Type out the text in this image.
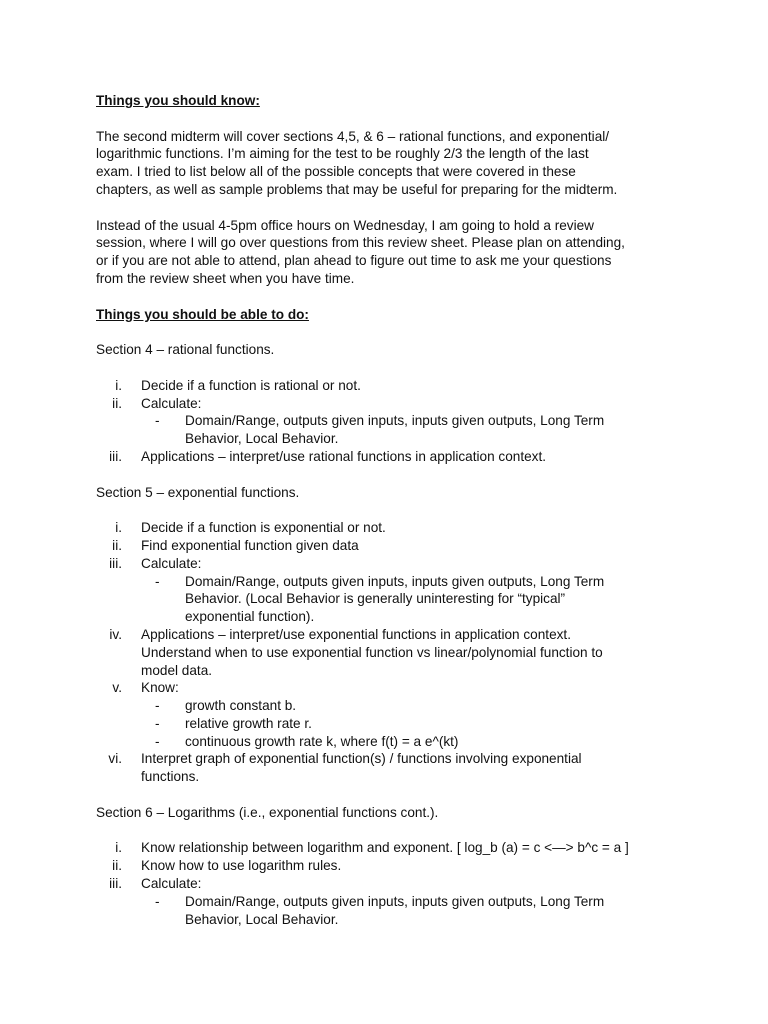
Things you should know:
The second midterm will cover sections 4,5, & 6 – rational functions, and exponential/
logarithmic functions. I’m aiming for the test to be roughly 2/3 the length of the last
exam. I tried to list below all of the possible concepts that were covered in these
chapters, as well as sample problems that may be useful for preparing for the midterm.
Instead of the usual 4-5pm office hours on Wednesday, I am going to hold a review
session, where I will go over questions from this review sheet. Please plan on attending,
or if you are not able to attend, plan ahead to figure out time to ask me your questions
from the review sheet when you have time.
Things you should be able to do:
Section 4 – rational functions.
i. Decide if a function is rational or not.
ii. Calculate:
- Domain/Range, outputs given inputs, inputs given outputs, Long Term
Behavior, Local Behavior.
iii. Applications – interpret/use rational functions in application context.
Section 5 – exponential functions.
i. Decide if a function is exponential or not.
ii. Find exponential function given data
iii. Calculate:
- Domain/Range, outputs given inputs, inputs given outputs, Long Term
Behavior. (Local Behavior is generally uninteresting for “typical”
exponential function).
iv. Applications – interpret/use exponential functions in application context.
Understand when to use exponential function vs linear/polynomial function to
model data.
v. Know:
- growth constant b.
- relative growth rate r.
- continuous growth rate k, where f(t) = a e^(kt)
vi. Interpret graph of exponential function(s) / functions involving exponential
functions.
Section 6 – Logarithms (i.e., exponential functions cont.).
i. Know relationship between logarithm and exponent. [ log_b (a) = c <—> b^c = a ]
ii. Know how to use logarithm rules.
iii. Calculate:
- Domain/Range, outputs given inputs, inputs given outputs, Long Term
Behavior, Local Behavior.
